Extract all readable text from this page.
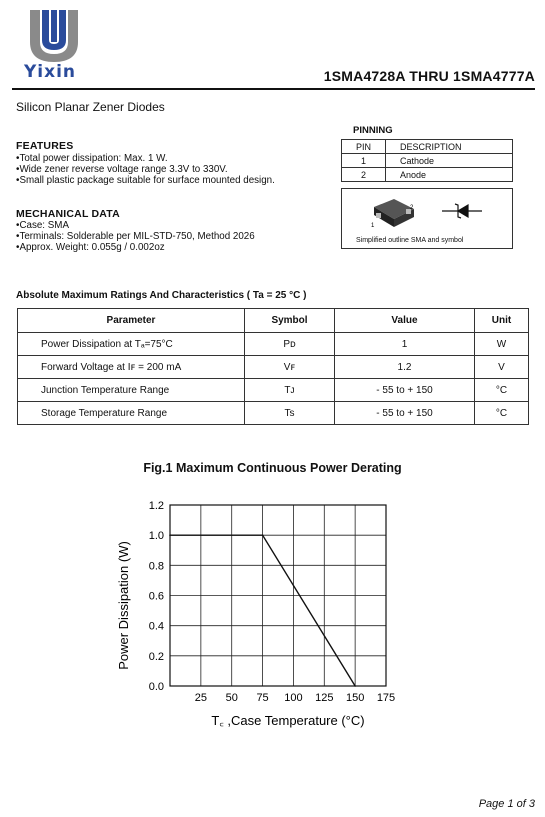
Yixin	1SMA4728A THRU 1SMA4777A
Silicon Planar Zener Diodes
FEATURES
• Total power dissipation: Max. 1 W.
• Wide zener reverse voltage range 3.3V to 330V.
• Small plastic package suitable for surface mounted design.
MECHANICAL DATA
• Case: SMA
• Terminals: Solderable per MIL-STD-750, Method 2026
• Approx. Weight: 0.055g / 0.002oz
PINNING
PIN	DESCRIPTION
1	Cathode
2	Anode
2
1
Simplified outline SMA and symbol
Absolute Maximum Ratings And Characteristics ( Ta = 25 °C )
Parameter	Symbol	Value	Unit
Power Dissipation at Tₐ=75°C	Pᴅ	1	W
Forward Voltage at Iꜰ = 200 mA	Vꜰ	1.2	V
Junction Temperature Range	Tᴊ	- 55 to + 150	°C
Storage Temperature Range	Ts	- 55 to + 150	°C
Fig.1 Maximum Continuous Power Derating
25 50 75 100 125 150 175
0.0
0.2
0.4
0.6
0.8
1.0
1.2
T꜀ ,Case Temperature (°C)
Power Dissipation (W)
Page 1 of 3
